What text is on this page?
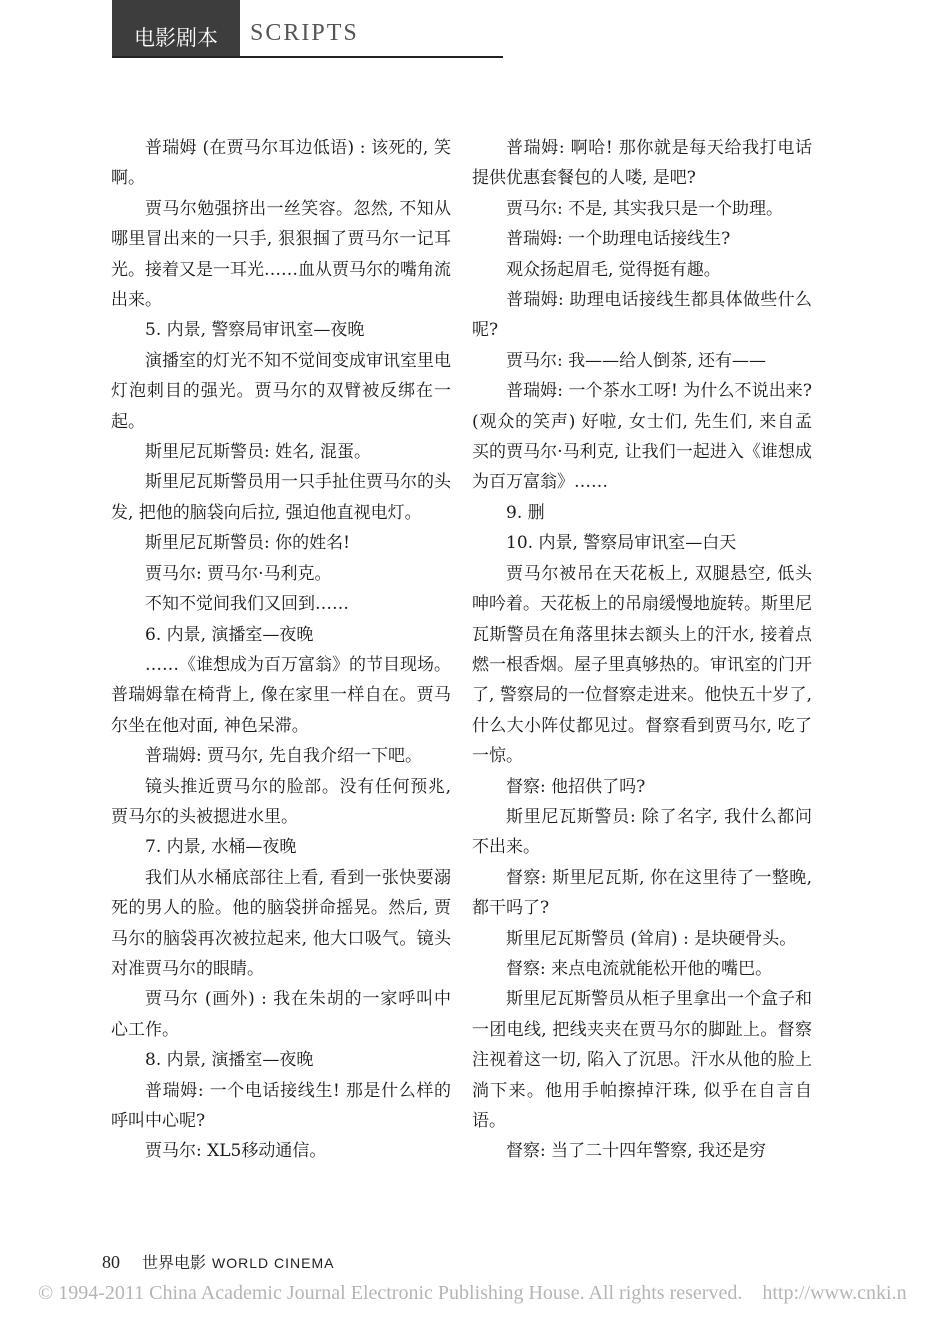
电影剧本	SCRIPTS

普瑞姆 (在贾马尔耳边低语) : 该死的, 笑啊。

贾马尔勉强挤出一丝笑容。忽然, 不知从哪里冒出来的一只手, 狠狠掴了贾马尔一记耳光。接着又是一耳光……血从贾马尔的嘴角流出来。

5. 内景, 警察局审讯室—夜晚

演播室的灯光不知不觉间变成审讯室里电灯泡刺目的强光。贾马尔的双臂被反绑在一起。

斯里尼瓦斯警员: 姓名, 混蛋。

斯里尼瓦斯警员用一只手扯住贾马尔的头发, 把他的脑袋向后拉, 强迫他直视电灯。

斯里尼瓦斯警员: 你的姓名!

贾马尔: 贾马尔·马利克。

不知不觉间我们又回到……

6. 内景, 演播室—夜晚

……《谁想成为百万富翁》的节目现场。普瑞姆靠在椅背上, 像在家里一样自在。贾马尔坐在他对面, 神色呆滞。

普瑞姆: 贾马尔, 先自我介绍一下吧。

镜头推近贾马尔的脸部。没有任何预兆, 贾马尔的头被摁进水里。

7. 内景, 水桶—夜晚

我们从水桶底部往上看, 看到一张快要溺死的男人的脸。他的脑袋拼命摇晃。然后, 贾马尔的脑袋再次被拉起来, 他大口吸气。镜头对准贾马尔的眼睛。

贾马尔 (画外) : 我在朱胡的一家呼叫中心工作。

8. 内景, 演播室—夜晚

普瑞姆: 一个电话接线生! 那是什么样的呼叫中心呢?

贾马尔: XL5移动通信。

普瑞姆: 啊哈! 那你就是每天给我打电话提供优惠套餐包的人喽, 是吧?

贾马尔: 不是, 其实我只是一个助理。

普瑞姆: 一个助理电话接线生?

观众扬起眉毛, 觉得挺有趣。

普瑞姆: 助理电话接线生都具体做些什么呢?

贾马尔: 我——给人倒茶, 还有——

普瑞姆: 一个茶水工呀! 为什么不说出来? (观众的笑声) 好啦, 女士们, 先生们, 来自孟买的贾马尔·马利克, 让我们一起进入《谁想成为百万富翁》……

9. 删

10. 内景, 警察局审讯室—白天

贾马尔被吊在天花板上, 双腿悬空, 低头呻吟着。天花板上的吊扇缓慢地旋转。斯里尼瓦斯警员在角落里抹去额头上的汗水, 接着点燃一根香烟。屋子里真够热的。审讯室的门开了, 警察局的一位督察走进来。他快五十岁了, 什么大小阵仗都见过。督察看到贾马尔, 吃了一惊。

督察: 他招供了吗?

斯里尼瓦斯警员: 除了名字, 我什么都问不出来。

督察: 斯里尼瓦斯, 你在这里待了一整晚, 都干吗了?

斯里尼瓦斯警员 (耸肩) : 是块硬骨头。

督察: 来点电流就能松开他的嘴巴。

斯里尼瓦斯警员从柜子里拿出一个盒子和一团电线, 把线夹夹在贾马尔的脚趾上。督察注视着这一切, 陷入了沉思。汗水从他的脸上淌下来。他用手帕擦掉汗珠, 似乎在自言自语。

督察: 当了二十四年警察, 我还是穷

80 世界电影 WORLD CINEMA
© 1994-2011 China Academic Journal Electronic Publishing House. All rights reserved. http://www.cnki.n
